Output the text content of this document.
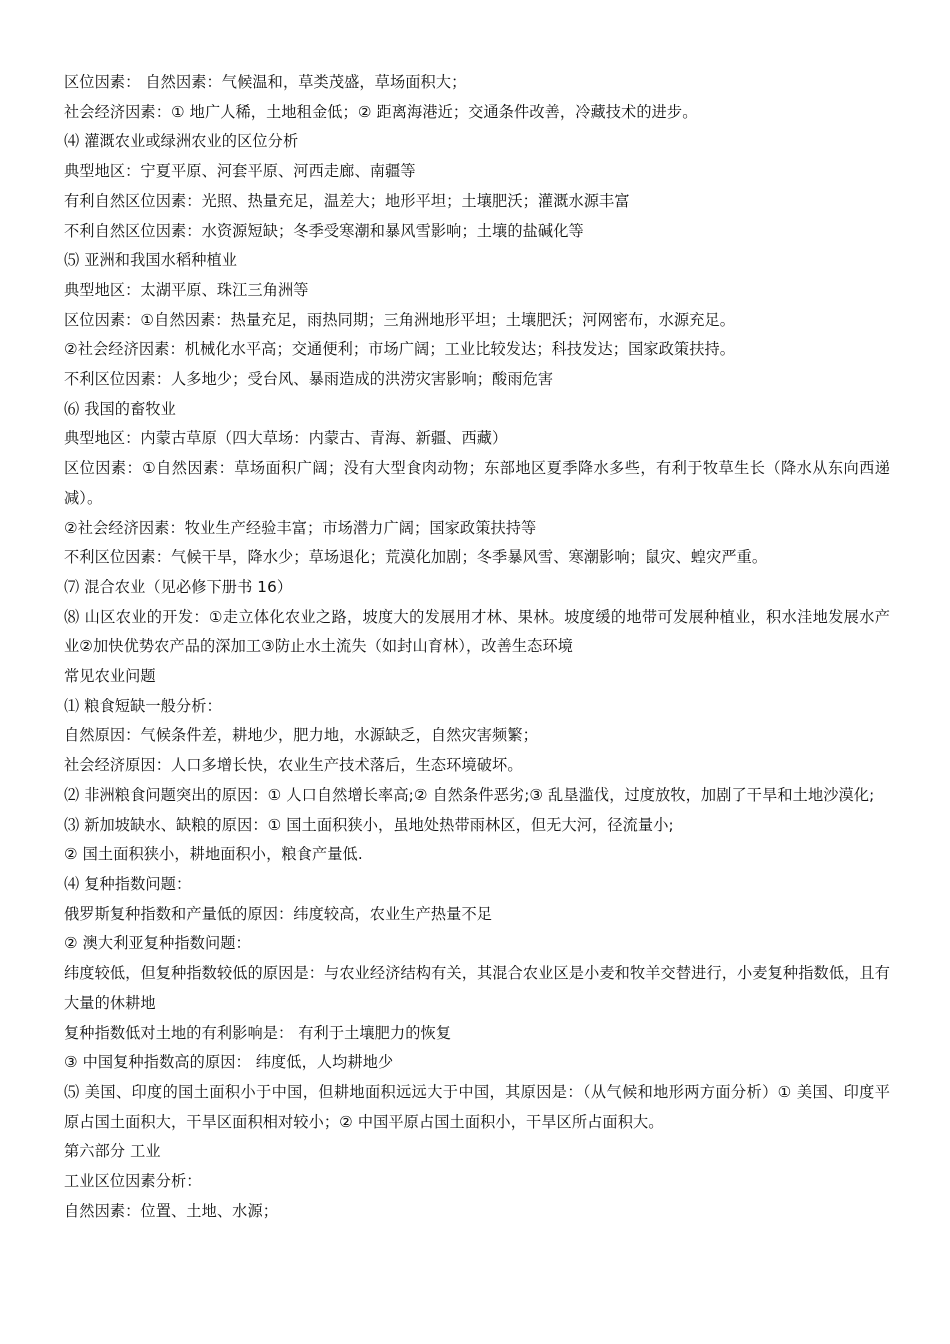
区位因素： 自然因素：气候温和，草类茂盛，草场面积大；
社会经济因素：① 地广人稀，土地租金低；② 距离海港近；交通条件改善，冷藏技术的进步。
⑷ 灌溉农业或绿洲农业的区位分析
典型地区：宁夏平原、河套平原、河西走廊、南疆等
有利自然区位因素：光照、热量充足，温差大；地形平坦；土壤肥沃；灌溉水源丰富
不利自然区位因素：水资源短缺；冬季受寒潮和暴风雪影响；土壤的盐碱化等
⑸ 亚洲和我国水稻种植业
典型地区：太湖平原、珠江三角洲等
区位因素：①自然因素：热量充足，雨热同期；三角洲地形平坦；土壤肥沃；河网密布，水源充足。
②社会经济因素：机械化水平高；交通便利；市场广阔；工业比较发达；科技发达；国家政策扶持。
不利区位因素：人多地少；受台风、暴雨造成的洪涝灾害影响；酸雨危害
⑹ 我国的畜牧业
典型地区：内蒙古草原（四大草场：内蒙古、青海、新疆、西藏）
区位因素：①自然因素：草场面积广阔；没有大型食肉动物；东部地区夏季降水多些，有利于牧草生长（降水从东向西递减）。
②社会经济因素：牧业生产经验丰富；市场潜力广阔；国家政策扶持等
不利区位因素：气候干旱，降水少；草场退化；荒漠化加剧；冬季暴风雪、寒潮影响；鼠灾、蝗灾严重。
⑺ 混合农业（见必修下册书 16）
⑻ 山区农业的开发：①走立体化农业之路，坡度大的发展用才林、果林。坡度缓的地带可发展种植业，积水洼地发展水产业②加快优势农产品的深加工③防止水土流失（如封山育林），改善生态环境
常见农业问题
⑴ 粮食短缺一般分析：
自然原因：气候条件差，耕地少，肥力地，水源缺乏，自然灾害频繁；
社会经济原因：人口多增长快，农业生产技术落后，生态环境破坏。
⑵ 非洲粮食问题突出的原因：① 人口自然增长率高;② 自然条件恶劣;③ 乱垦滥伐，过度放牧，加剧了干旱和土地沙漠化;
⑶ 新加坡缺水、缺粮的原因：① 国土面积狭小，虽地处热带雨林区，但无大河，径流量小;
② 国土面积狭小，耕地面积小，粮食产量低.
⑷ 复种指数问题：
俄罗斯复种指数和产量低的原因：纬度较高，农业生产热量不足
② 澳大利亚复种指数问题：
纬度较低，但复种指数较低的原因是：与农业经济结构有关，其混合农业区是小麦和牧羊交替进行，小麦复种指数低，且有大量的休耕地
复种指数低对土地的有利影响是： 有利于土壤肥力的恢复
③ 中国复种指数高的原因： 纬度低，人均耕地少
⑸ 美国、印度的国土面积小于中国，但耕地面积远远大于中国，其原因是：（从气候和地形两方面分析）① 美国、印度平原占国土面积大，干旱区面积相对较小；② 中国平原占国土面积小，干旱区所占面积大。
第六部分 工业
工业区位因素分析：
自然因素：位置、土地、水源；
